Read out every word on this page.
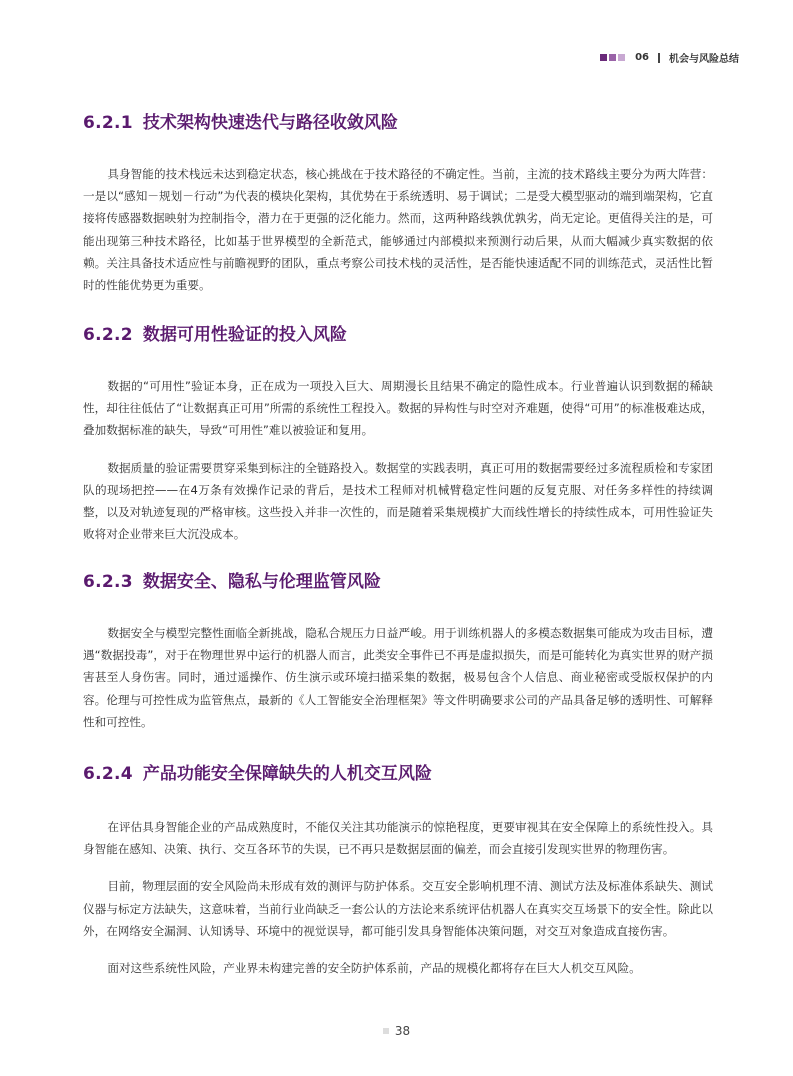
06 机会与风险总结
6.2.1 技术架构快速迭代与路径收敛风险

具身智能的技术栈远未达到稳定状态，核心挑战在于技术路径的不确定性。当前，主流的技术路线主要分为两大阵营：一是以“感知－规划－行动”为代表的模块化架构，其优势在于系统透明、易于调试；二是受大模型驱动的端到端架构，它直接将传感器数据映射为控制指令，潜力在于更强的泛化能力。然而，这两种路线孰优孰劣，尚无定论。更值得关注的是，可能出现第三种技术路径，比如基于世界模型的全新范式，能够通过内部模拟来预测行动后果，从而大幅减少真实数据的依赖。关注具备技术适应性与前瞻视野的团队，重点考察公司技术栈的灵活性，是否能快速适配不同的训练范式，灵活性比暂时的性能优势更为重要。

6.2.2 数据可用性验证的投入风险

数据的“可用性”验证本身，正在成为一项投入巨大、周期漫长且结果不确定的隐性成本。行业普遍认识到数据的稀缺性，却往往低估了“让数据真正可用”所需的系统性工程投入。数据的异构性与时空对齐难题，使得“可用”的标准极难达成，叠加数据标准的缺失，导致“可用性”难以被验证和复用。

数据质量的验证需要贯穿采集到标注的全链路投入。数据堂的实践表明，真正可用的数据需要经过多流程质检和专家团队的现场把控——在4万条有效操作记录的背后，是技术工程师对机械臂稳定性问题的反复克服、对任务多样性的持续调整，以及对轨迹复现的严格审核。这些投入并非一次性的，而是随着采集规模扩大而线性增长的持续性成本，可用性验证失败将对企业带来巨大沉没成本。

6.2.3 数据安全、隐私与伦理监管风险

数据安全与模型完整性面临全新挑战，隐私合规压力日益严峻。用于训练机器人的多模态数据集可能成为攻击目标，遭遇“数据投毒”，对于在物理世界中运行的机器人而言，此类安全事件已不再是虚拟损失，而是可能转化为真实世界的财产损害甚至人身伤害。同时，通过遥操作、仿生演示或环境扫描采集的数据，极易包含个人信息、商业秘密或受版权保护的内容。伦理与可控性成为监管焦点，最新的《人工智能安全治理框架》等文件明确要求公司的产品具备足够的透明性、可解释性和可控性。

6.2.4 产品功能安全保障缺失的人机交互风险

在评估具身智能企业的产品成熟度时，不能仅关注其功能演示的惊艳程度，更要审视其在安全保障上的系统性投入。具身智能在感知、决策、执行、交互各环节的失误，已不再只是数据层面的偏差，而会直接引发现实世界的物理伤害。

目前，物理层面的安全风险尚未形成有效的测评与防护体系。交互安全影响机理不清、测试方法及标准体系缺失、测试仪器与标定方法缺失，这意味着，当前行业尚缺乏一套公认的方法论来系统评估机器人在真实交互场景下的安全性。除此以外，在网络安全漏洞、认知诱导、环境中的视觉误导，都可能引发具身智能体决策问题，对交互对象造成直接伤害。

面对这些系统性风险，产业界未构建完善的安全防护体系前，产品的规模化都将存在巨大人机交互风险。

38
